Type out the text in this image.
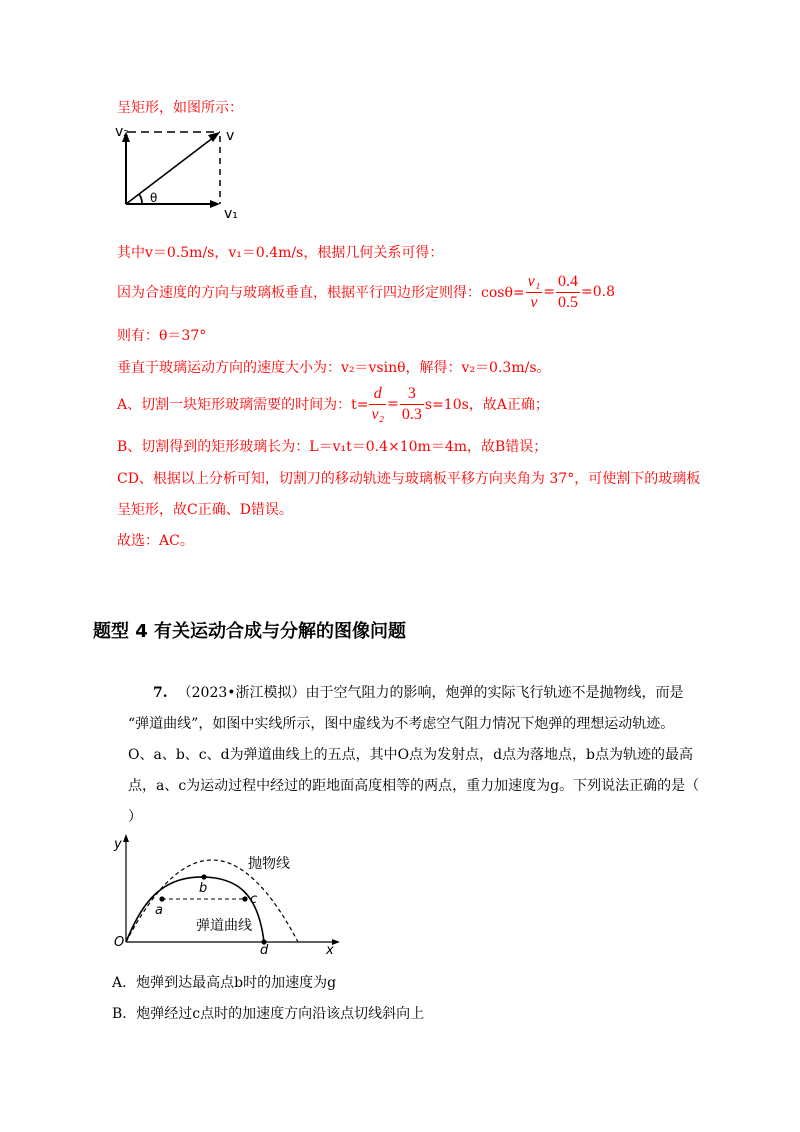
呈矩形，如图所示：
v₂	v
v₁
θ
其中v＝0.5m/s，v₁＝0.4m/s，根据几何关系可得：
因为合速度的方向与玻璃板垂直，根据平行四边形定则得：$\cos\theta= \frac{\text{v₁}}{v} = \frac{0.4}{0.5} =0.8$
则有：θ＝37°
垂直于玻璃运动方向的速度大小为：v₂＝vsinθ，解得：v₂＝0.3m/s。
A、切割一块矩形玻璃需要的时间为：$t= \frac{d}{\text{v₂}} = \frac{3}{0.3} s=10s$，故A正确；
B、切割得到的矩形玻璃长为：L＝v₁t＝0.4×10m＝4m，故B错误；
CD、根据以上分析可知，切割刀的移动轨迹与玻璃板平移方向夹角为 37°，可使割下的玻璃板
呈矩形，故C正确、D错误。
故选：AC。
题型 4 有关运动合成与分解的图像问题
7. （2023•浙江模拟）由于空气阻力的影响，炮弹的实际飞行轨迹不是抛物线，而是
“弹道曲线”，如图中实线所示，图中虚线为不考虑空气阻力情况下炮弹的理想运动轨迹。
O、a、b、c、d为弹道曲线上的五点，其中O点为发射点，d点为落地点，b点为轨迹的最高
点，a、c为运动过程中经过的距地面高度相等的两点，重力加速度为g。下列说法正确的是（
）
y
x
O
a
b
c
d
抛物线
弹道曲线
A．炮弹到达最高点b时的加速度为g
B．炮弹经过c点时的加速度方向沿该点切线斜向上
